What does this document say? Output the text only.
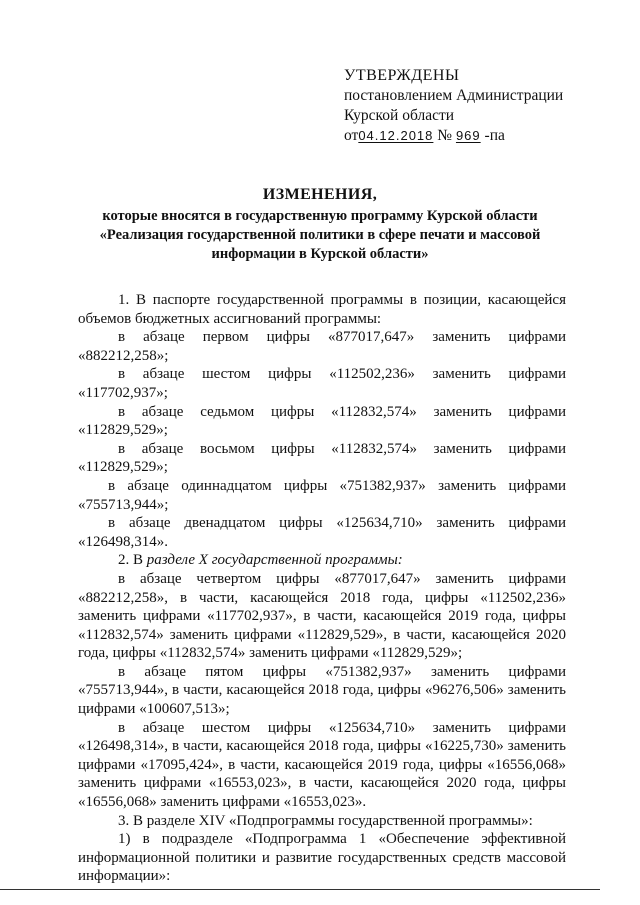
УТВЕРЖДЕНЫ
постановлением Администрации
Курской области
от04.12.2018 № 969 -па
ИЗМЕНЕНИЯ,
которые вносятся в государственную программу Курской области «Реализация государственной политики в сфере печати и массовой информации в Курской области»

1. В паспорте государственной программы в позиции, касающейся объемов бюджетных ассигнований программы:

в абзаце первом цифры «877017,647» заменить цифрами «882212,258»;

в абзаце шестом цифры «112502,236» заменить цифрами «117702,937»;

в абзаце седьмом цифры «112832,574» заменить цифрами «112829,529»;

в абзаце восьмом цифры «112832,574» заменить цифрами «112829,529»;

в абзаце одиннадцатом цифры «751382,937» заменить цифрами «755713,944»;

в абзаце двенадцатом цифры «125634,710» заменить цифрами «126498,314».

2. В разделе X государственной программы:

в абзаце четвертом цифры «877017,647» заменить цифрами «882212,258», в части, касающейся 2018 года, цифры «112502,236» заменить цифрами «117702,937», в части, касающейся 2019 года, цифры «112832,574» заменить цифрами «112829,529», в части, касающейся 2020 года, цифры «112832,574» заменить цифрами «112829,529»;

в абзаце пятом цифры «751382,937» заменить цифрами «755713,944», в части, касающейся 2018 года, цифры «96276,506» заменить цифрами «100607,513»;

в абзаце шестом цифры «125634,710» заменить цифрами «126498,314», в части, касающейся 2018 года, цифры «16225,730» заменить цифрами «17095,424», в части, касающейся 2019 года, цифры «16556,068» заменить цифрами «16553,023», в части, касающейся 2020 года, цифры «16556,068» заменить цифрами «16553,023».

3. В разделе XIV «Подпрограммы государственной программы»:

1) в подразделе «Подпрограмма 1 «Обеспечение эффективной информационной политики и развитие государственных средств массовой информации»:
